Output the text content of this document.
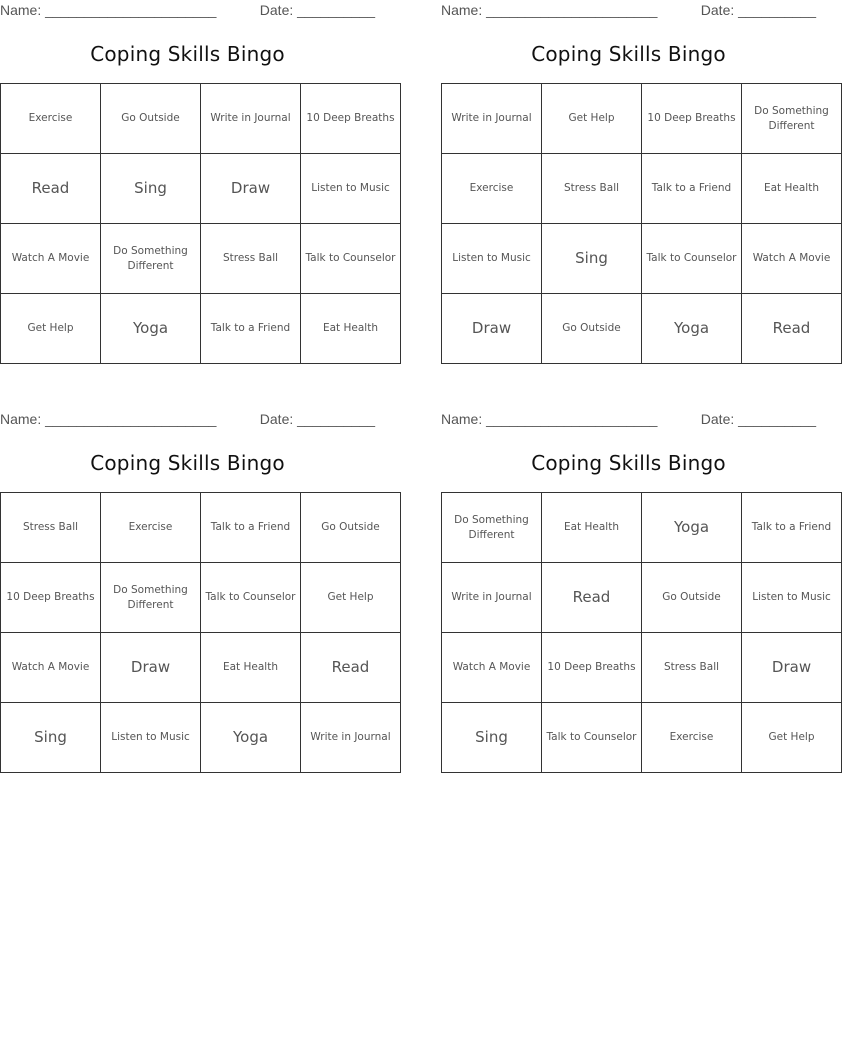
Name: ______________________	Date: __________
Coping Skills Bingo
Exercise	Go Outside	Write in Journal	10 Deep Breaths
Read	Sing	Draw	Listen to Music
Watch A Movie	Do Something Different	Stress Ball	Talk to Counselor
Get Help	Yoga	Talk to a Friend	Eat Health
Name: ______________________	Date: __________
Coping Skills Bingo
Write in Journal	Get Help	10 Deep Breaths	Do Something Different
Exercise	Stress Ball	Talk to a Friend	Eat Health
Listen to Music	Sing	Talk to Counselor	Watch A Movie
Draw	Go Outside	Yoga	Read
Name: ______________________	Date: __________
Coping Skills Bingo
Stress Ball	Exercise	Talk to a Friend	Go Outside
10 Deep Breaths	Do Something Different	Talk to Counselor	Get Help
Watch A Movie	Draw	Eat Health	Read
Sing	Listen to Music	Yoga	Write in Journal
Name: ______________________	Date: __________
Coping Skills Bingo
Do Something Different	Eat Health	Yoga	Talk to a Friend
Write in Journal	Read	Go Outside	Listen to Music
Watch A Movie	10 Deep Breaths	Stress Ball	Draw
Sing	Talk to Counselor	Exercise	Get Help
